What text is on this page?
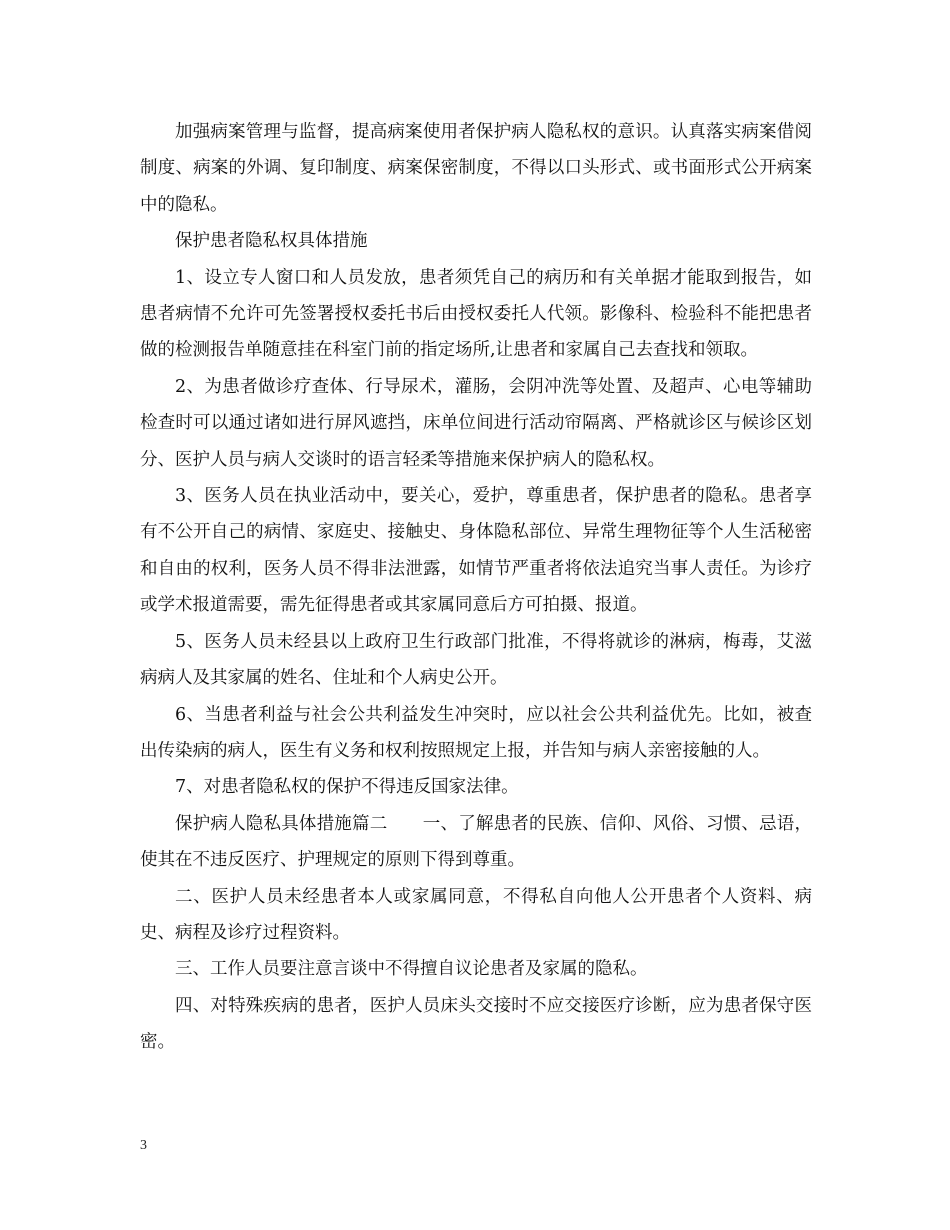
加强病案管理与监督，提高病案使用者保护病人隐私权的意识。认真落实病案借阅制度、病案的外调、复印制度、病案保密制度，不得以口头形式、或书面形式公开病案中的隐私。

保护患者隐私权具体措施

1、设立专人窗口和人员发放，患者须凭自己的病历和有关单据才能取到报告，如患者病情不允许可先签署授权委托书后由授权委托人代领。影像科、检验科不能把患者做的检测报告单随意挂在科室门前的指定场所,让患者和家属自己去查找和领取。

2、为患者做诊疗查体、行导尿术，灌肠，会阴冲洗等处置、及超声、心电等辅助检查时可以通过诸如进行屏风遮挡，床单位间进行活动帘隔离、严格就诊区与候诊区划分、医护人员与病人交谈时的语言轻柔等措施来保护病人的隐私权。

3、医务人员在执业活动中，要关心，爱护，尊重患者，保护患者的隐私。患者享有不公开自己的病情、家庭史、接触史、身体隐私部位、异常生理物征等个人生活秘密和自由的权利，医务人员不得非法泄露，如情节严重者将依法追究当事人责任。为诊疗或学术报道需要，需先征得患者或其家属同意后方可拍摄、报道。

5、医务人员未经县以上政府卫生行政部门批准，不得将就诊的淋病，梅毒，艾滋病病人及其家属的姓名、住址和个人病史公开。

6、当患者利益与社会公共利益发生冲突时，应以社会公共利益优先。比如，被查出传染病的病人，医生有义务和权利按照规定上报，并告知与病人亲密接触的人。

7、对患者隐私权的保护不得违反国家法律。

保护病人隐私具体措施篇二　　一、了解患者的民族、信仰、风俗、习惯、忌语，使其在不违反医疗、护理规定的原则下得到尊重。

二、医护人员未经患者本人或家属同意，不得私自向他人公开患者个人资料、病史、病程及诊疗过程资料。

三、工作人员要注意言谈中不得擅自议论患者及家属的隐私。

四、对特殊疾病的患者，医护人员床头交接时不应交接医疗诊断，应为患者保守医密。

3
